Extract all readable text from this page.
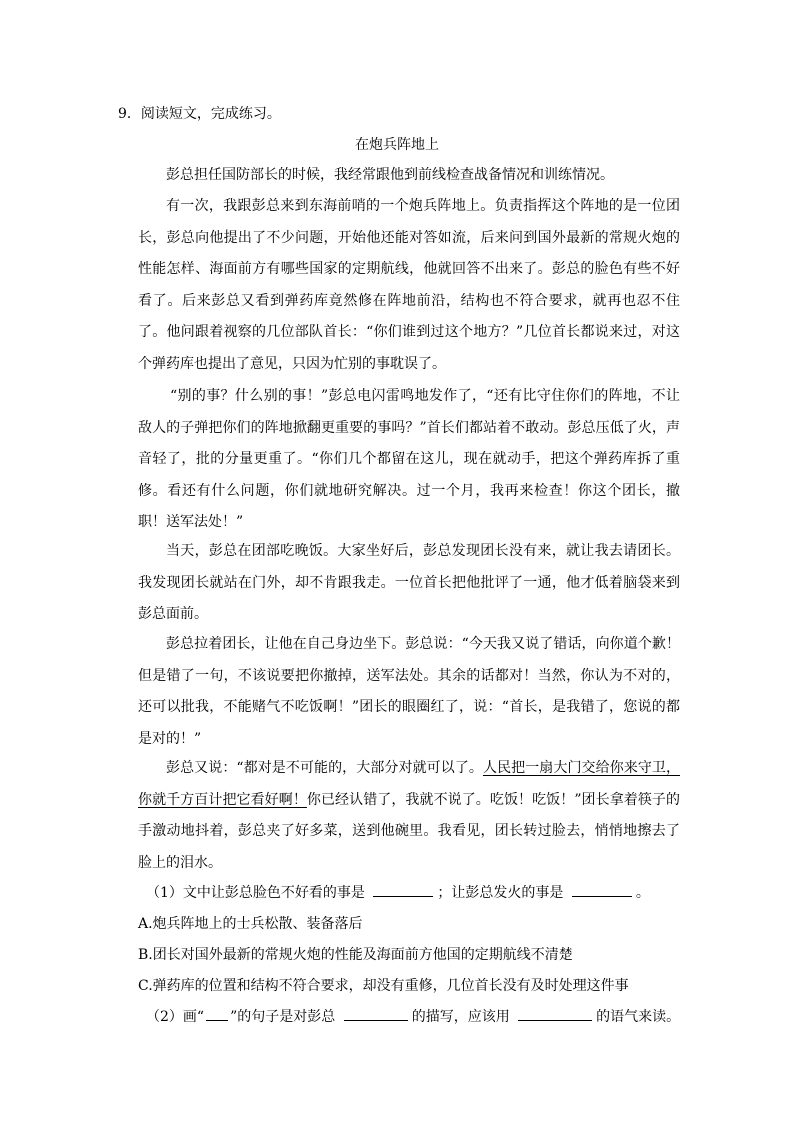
9．阅读短文，完成练习。
在炮兵阵地上
彭总担任国防部长的时候，我经常跟他到前线检查战备情况和训练情况。
有一次，我跟彭总来到东海前哨的一个炮兵阵地上。负责指挥这个阵地的是一位团长，彭总向他提出了不少问题，开始他还能对答如流，后来问到国外最新的常规火炮的性能怎样、海面前方有哪些国家的定期航线，他就回答不出来了。彭总的脸色有些不好看了。后来彭总又看到弹药库竟然修在阵地前沿，结构也不符合要求，就再也忍不住了。他问跟着视察的几位部队首长：“你们谁到过这个地方？”几位首长都说来过，对这个弹药库也提出了意见，只因为忙别的事耽误了。
“别的事？什么别的事！”彭总电闪雷鸣地发作了，“还有比守住你们的阵地，不让敌人的子弹把你们的阵地掀翻更重要的事吗？”首长们都站着不敢动。彭总压低了火，声音轻了，批的分量更重了。“你们几个都留在这儿，现在就动手，把这个弹药库拆了重修。看还有什么问题，你们就地研究解决。过一个月，我再来检查！你这个团长，撤职！送军法处！”
当天，彭总在团部吃晚饭。大家坐好后，彭总发现团长没有来，就让我去请团长。我发现团长就站在门外，却不肯跟我走。一位首长把他批评了一通，他才低着脑袋来到彭总面前。
彭总拉着团长，让他在自己身边坐下。彭总说：“今天我又说了错话，向你道个歉！但是错了一句，不该说要把你撤掉，送军法处。其余的话都对！当然，你认为不对的，还可以批我，不能赌气不吃饭啊！”团长的眼圈红了，说：“首长，是我错了，您说的都是对的！”
彭总又说：“都对是不可能的，大部分对就可以了。人民把一扇大门交给你来守卫，你就千方百计把它看好啊！你已经认错了，我就不说了。吃饭！吃饭！”团长拿着筷子的手激动地抖着，彭总夹了好多菜，送到他碗里。我看见，团长转过脸去，悄悄地擦去了脸上的泪水。
（1）文中让彭总脸色不好看的事是	；让彭总发火的事是	。
A.炮兵阵地上的士兵松散、装备落后
B.团长对国外最新的常规火炮的性能及海面前方他国的定期航线不清楚
C.弹药库的位置和结构不符合要求，却没有重修，几位首长没有及时处理这件事
（2）画“ ”的句子是对彭总	的描写，应该用	的语气来读。
